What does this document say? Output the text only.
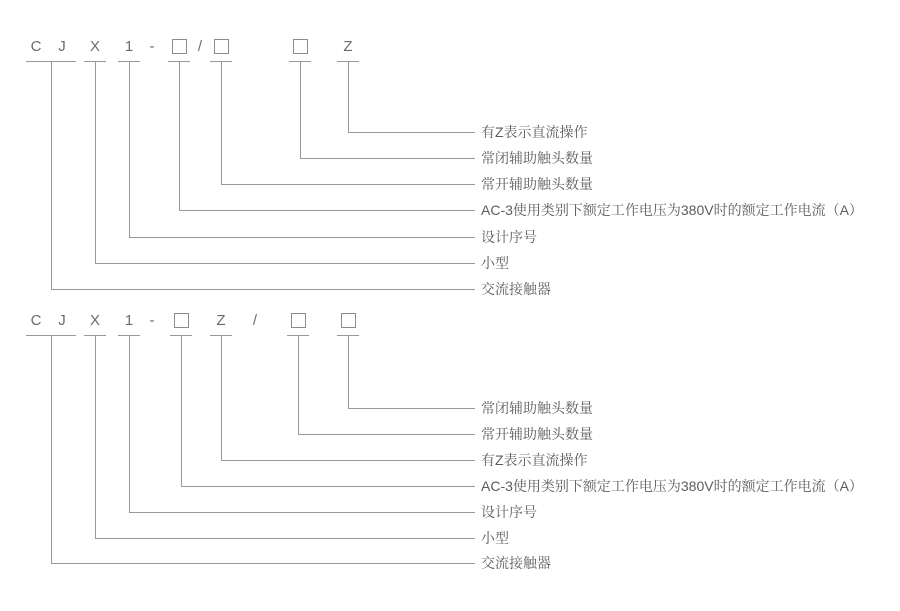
C	J	X	1	-	/	Z
有Z表示直流操作
常闭辅助触头数量
常开辅助触头数量
AC-3使用类别下额定工作电压为380V时的额定工作电流（A）
设计序号
小型
交流接触器
C	J	X	1	-	Z	/
常闭辅助触头数量
常开辅助触头数量
有Z表示直流操作
AC-3使用类别下额定工作电压为380V时的额定工作电流（A）
设计序号
小型
交流接触器
